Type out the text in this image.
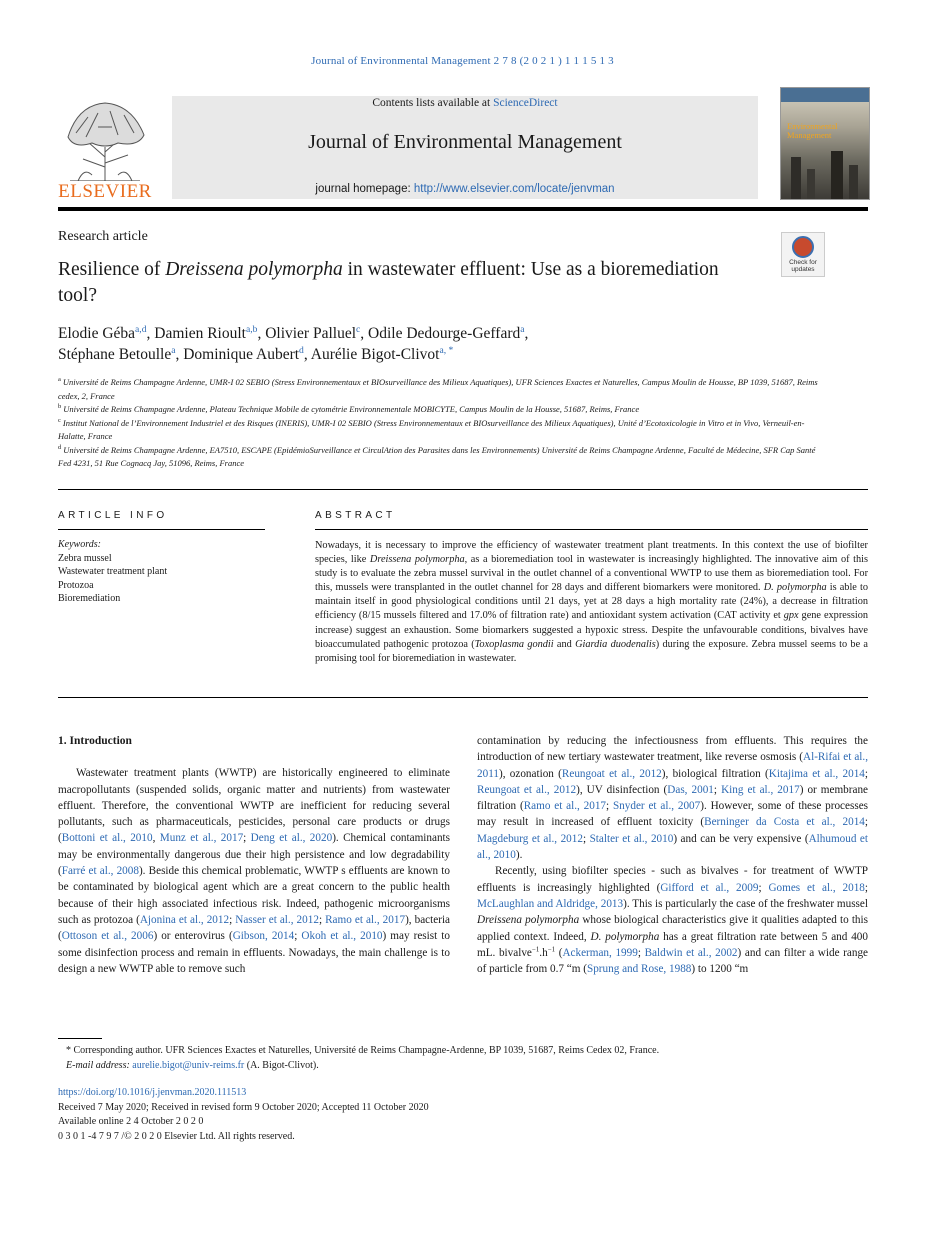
Journal of Environmental Management 2 7 8 (2 0 2 1 ) 1 1 1 5 1 3
ELSEVIER
Contents lists available at ScienceDirect
Journal of Environmental Management
journal homepage: http://www.elsevier.com/locate/jenvman
Environmental Management
Research article
Check for updates
Resilience of Dreissena polymorpha in wastewater effluent: Use as a bioremediation tool?
Elodie Géba$^{a,d}$, Damien Rioult$^{a,b}$, Olivier Palluel$^c$, Odile Dedourge-Geffard$^a$,
Stéphane Betoulle$^a$, Dominique Aubert$^d$, Aurélie Bigot-Clivot$^{a, *}$
$^a$ Université de Reims Champagne Ardenne, UMR-I 02 SEBIO (Stress Environnementaux et BIOsurveillance des Milieux Aquatiques), UFR Sciences Exactes et Naturelles, Campus Moulin de Housse, BP 1039, 51687, Reims cedex, 2, France
$^b$ Université de Reims Champagne Ardenne, Plateau Technique Mobile de cytométrie Environnementale MOBICYTE, Campus Moulin de la Housse, 51687, Reims, France
$^c$ Institut National de l’Environnement Industriel et des Risques (INERIS), UMR-I 02 SEBIO (Stress Environnementaux et BIOsurveillance des Milieux Aquatiques), Unité d’Ecotoxicologie in Vitro et in Vivo, Verneuil-en-Halatte, France
$^d$ Université de Reims Champagne Ardenne, EA7510, ESCAPE (EpidémioSurveillance et CirculAtion des Parasites dans les Environnements) Université de Reims Champagne Ardenne, Faculté de Médecine, SFR Cap Santé Fed 4231, 51 Rue Cognacq Jay, 51096, Reims, France
ARTICLE INFO	ABSTRACT
Keywords:
Zebra mussel
Wastewater treatment plant
Protozoa
Bioremediation
Nowadays, it is necessary to improve the efficiency of wastewater treatment plant treatments. In this context the use of biofilter species, like Dreissena polymorpha, as a bioremediation tool in wastewater is increasingly highlighted. The innovative aim of this study is to evaluate the zebra mussel survival in the outlet channel of a conventional WWTP to use them as bioremediation tool. For this, mussels were transplanted in the outlet channel for 28 days and different biomarkers were monitored. D. polymorpha is able to maintain itself in good physiological conditions until 21 days, yet at 28 days a high mortality rate (24%), a decrease in filtration efficiency (8/15 mussels filtered and 17.0% of filtration rate) and antioxidant system activation (CAT activity et gpx gene expression increase) suggest an exhaustion. Some biomarkers suggested a hypoxic stress. Despite the unfavourable conditions, bivalves have bioaccumulated pathogenic protozoa (Toxoplasma gondii and Giardia duodenalis) during the exposure. Zebra mussel seems to be a promising tool for bioremediation in wastewater.

1. Introduction

Wastewater treatment plants (WWTP) are historically engineered to eliminate macropollutants (suspended solids, organic matter and nutrients) from wastewater effluent. Therefore, the conventional WWTP are inefficient for reducing several pollutants, such as pharmaceuticals, pesticides, personal care products or drugs (Bottoni et al., 2010, Munz et al., 2017; Deng et al., 2020). Chemical contaminants may be environmentally dangerous due their high persistence and low degradability (Farré et al., 2008). Beside this chemical problematic, WWTP s effluents are known to be contaminated by biological agent which are a great concern to the public health because of their high associated infectious risk. Indeed, pathogenic microorganisms such as protozoa (Ajonina et al., 2012; Nasser et al., 2012; Ramo et al., 2017), bacteria (Ottoson et al., 2006) or enterovirus (Gibson, 2014; Okoh et al., 2010) may resist to some disinfection process and remain in effluents. Nowadays, the main challenge is to design a new WWTP able to remove such

contamination by reducing the infectiousness from effluents. This requires the introduction of new tertiary wastewater treatment, like reverse osmosis (Al-Rifai et al., 2011), ozonation (Reungoat et al., 2012), biological filtration (Kitajima et al., 2014; Reungoat et al., 2012), UV disinfection (Das, 2001; King et al., 2017) or membrane filtration (Ramo et al., 2017; Snyder et al., 2007). However, some of these processes may result in increased of effluent toxicity (Berninger da Costa et al., 2014; Magdeburg et al., 2012; Stalter et al., 2010) and can be very expensive (Alhumoud et al., 2010).

Recently, using biofilter species - such as bivalves - for treatment of WWTP effluents is increasingly highlighted (Gifford et al., 2009; Gomes et al., 2018; McLaughlan and Aldridge, 2013). This is particularly the case of the freshwater mussel Dreissena polymorpha whose biological characteristics give it qualities adapted to this applied context. Indeed, D. polymorpha has a great filtration rate between 5 and 400 mL. $bivalve^{-1}.h^{-1}$ (Ackerman, 1999; Baldwin et al., 2002) and can filter a wide range of particle from 0.7 “m (Sprung and Rose, 1988) to 1200 “m

* Corresponding author. UFR Sciences Exactes et Naturelles, Université de Reims Champagne-Ardenne, BP 1039, 51687, Reims Cedex 02, France.

E-mail address: aurelie.bigot@univ-reims.fr (A. Bigot-Clivot).

https://doi.org/10.1016/j.jenvman.2020.111513

Received 7 May 2020; Received in revised form 9 October 2020; Accepted 11 October 2020

Available online 2 4 October 2 0 2 0

0 3 0 1 -4 7 9 7 /© 2 0 2 0 Elsevier Ltd. All rights reserved.
